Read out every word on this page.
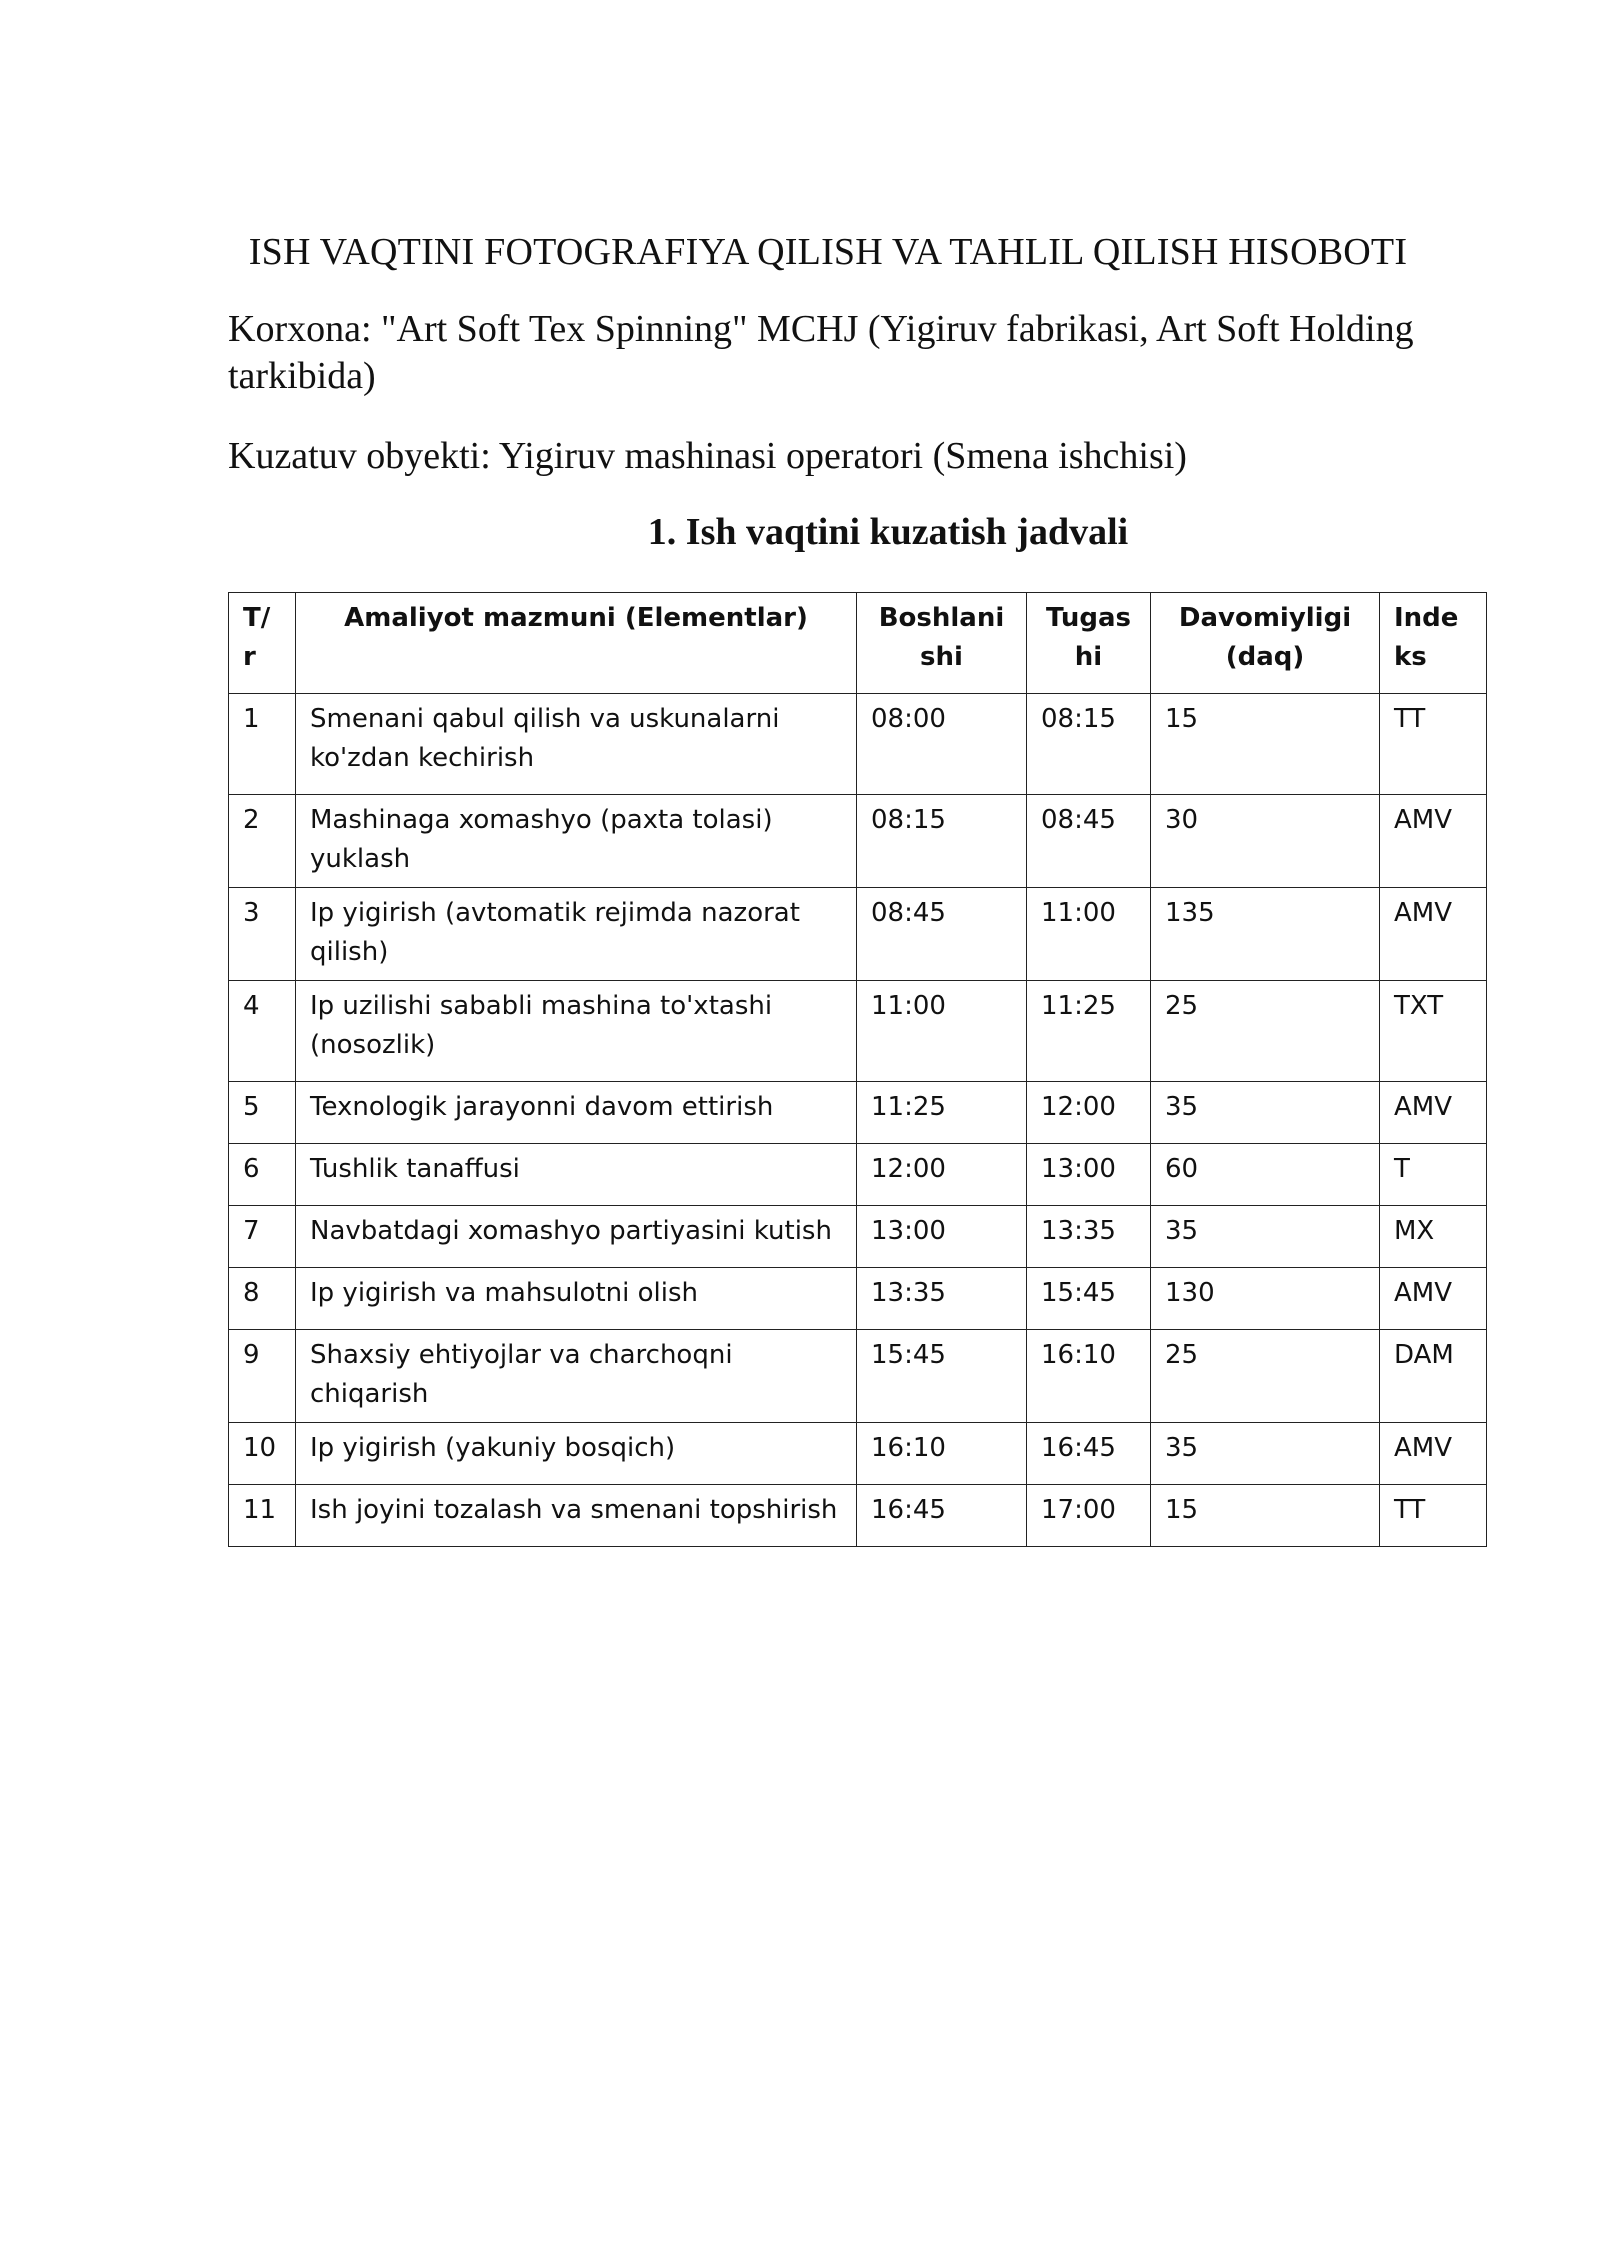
ISH VAQTINI FOTOGRAFIYA QILISH VA TAHLIL QILISH HISOBOTI

Korxona: "Art Soft Tex Spinning" MCHJ (Yigiruv fabrikasi, Art Soft Holding tarkibida)

Kuzatuv obyekti: Yigiruv mashinasi operatori (Smena ishchisi)

1. Ish vaqtini kuzatish jadvali
T/r	Amaliyot mazmuni (Elementlar)	Boshlanishi	Tugashi	Davomiyligi (daq)	Indeks
1	Smenani qabul qilish va uskunalarni ko'zdan kechirish	08:00	08:15	15	TT
2	Mashinaga xomashyo (paxta tolasi) yuklash	08:15	08:45	30	AMV
3	Ip yigirish (avtomatik rejimda nazorat qilish)	08:45	11:00	135	AMV
4	Ip uzilishi sababli mashina to'xtashi (nosozlik)	11:00	11:25	25	TXT
5	Texnologik jarayonni davom ettirish	11:25	12:00	35	AMV
6	Tushlik tanaffusi	12:00	13:00	60	T
7	Navbatdagi xomashyo partiyasini kutish	13:00	13:35	35	MX
8	Ip yigirish va mahsulotni olish	13:35	15:45	130	AMV
9	Shaxsiy ehtiyojlar va charchoqni chiqarish	15:45	16:10	25	DAM
10	Ip yigirish (yakuniy bosqich)	16:10	16:45	35	AMV
11	Ish joyini tozalash va smenani topshirish	16:45	17:00	15	TT
